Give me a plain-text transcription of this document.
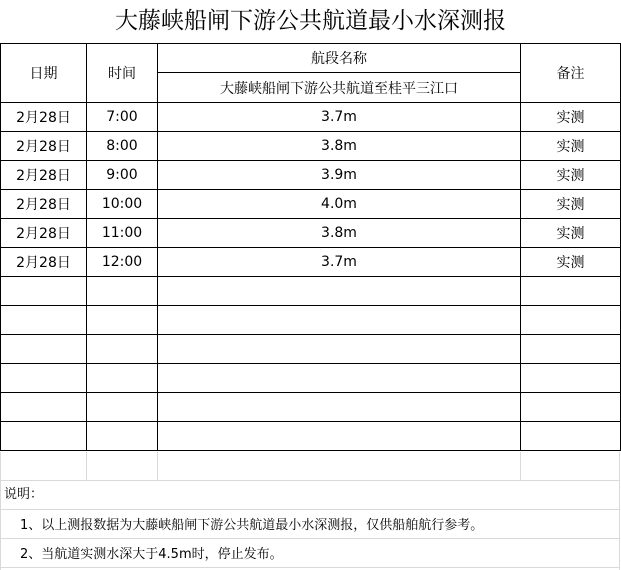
大藤峡船闸下游公共航道最小水深测报
日期	时间	航段名称	备注
		大藤峡船闸下游公共航道至桂平三江口	
2月28日	7:00	3.7m	实测
2月28日	8:00	3.8m	实测
2月28日	9:00	3.9m	实测
2月28日	10:00	4.0m	实测
2月28日	11:00	3.8m	实测
2月28日	12:00	3.7m	实测

说明：
1、以上测报数据为大藤峡船闸下游公共航道最小水深测报，仅供船舶航行参考。
2、当航道实测水深大于4.5m时，停止发布。
